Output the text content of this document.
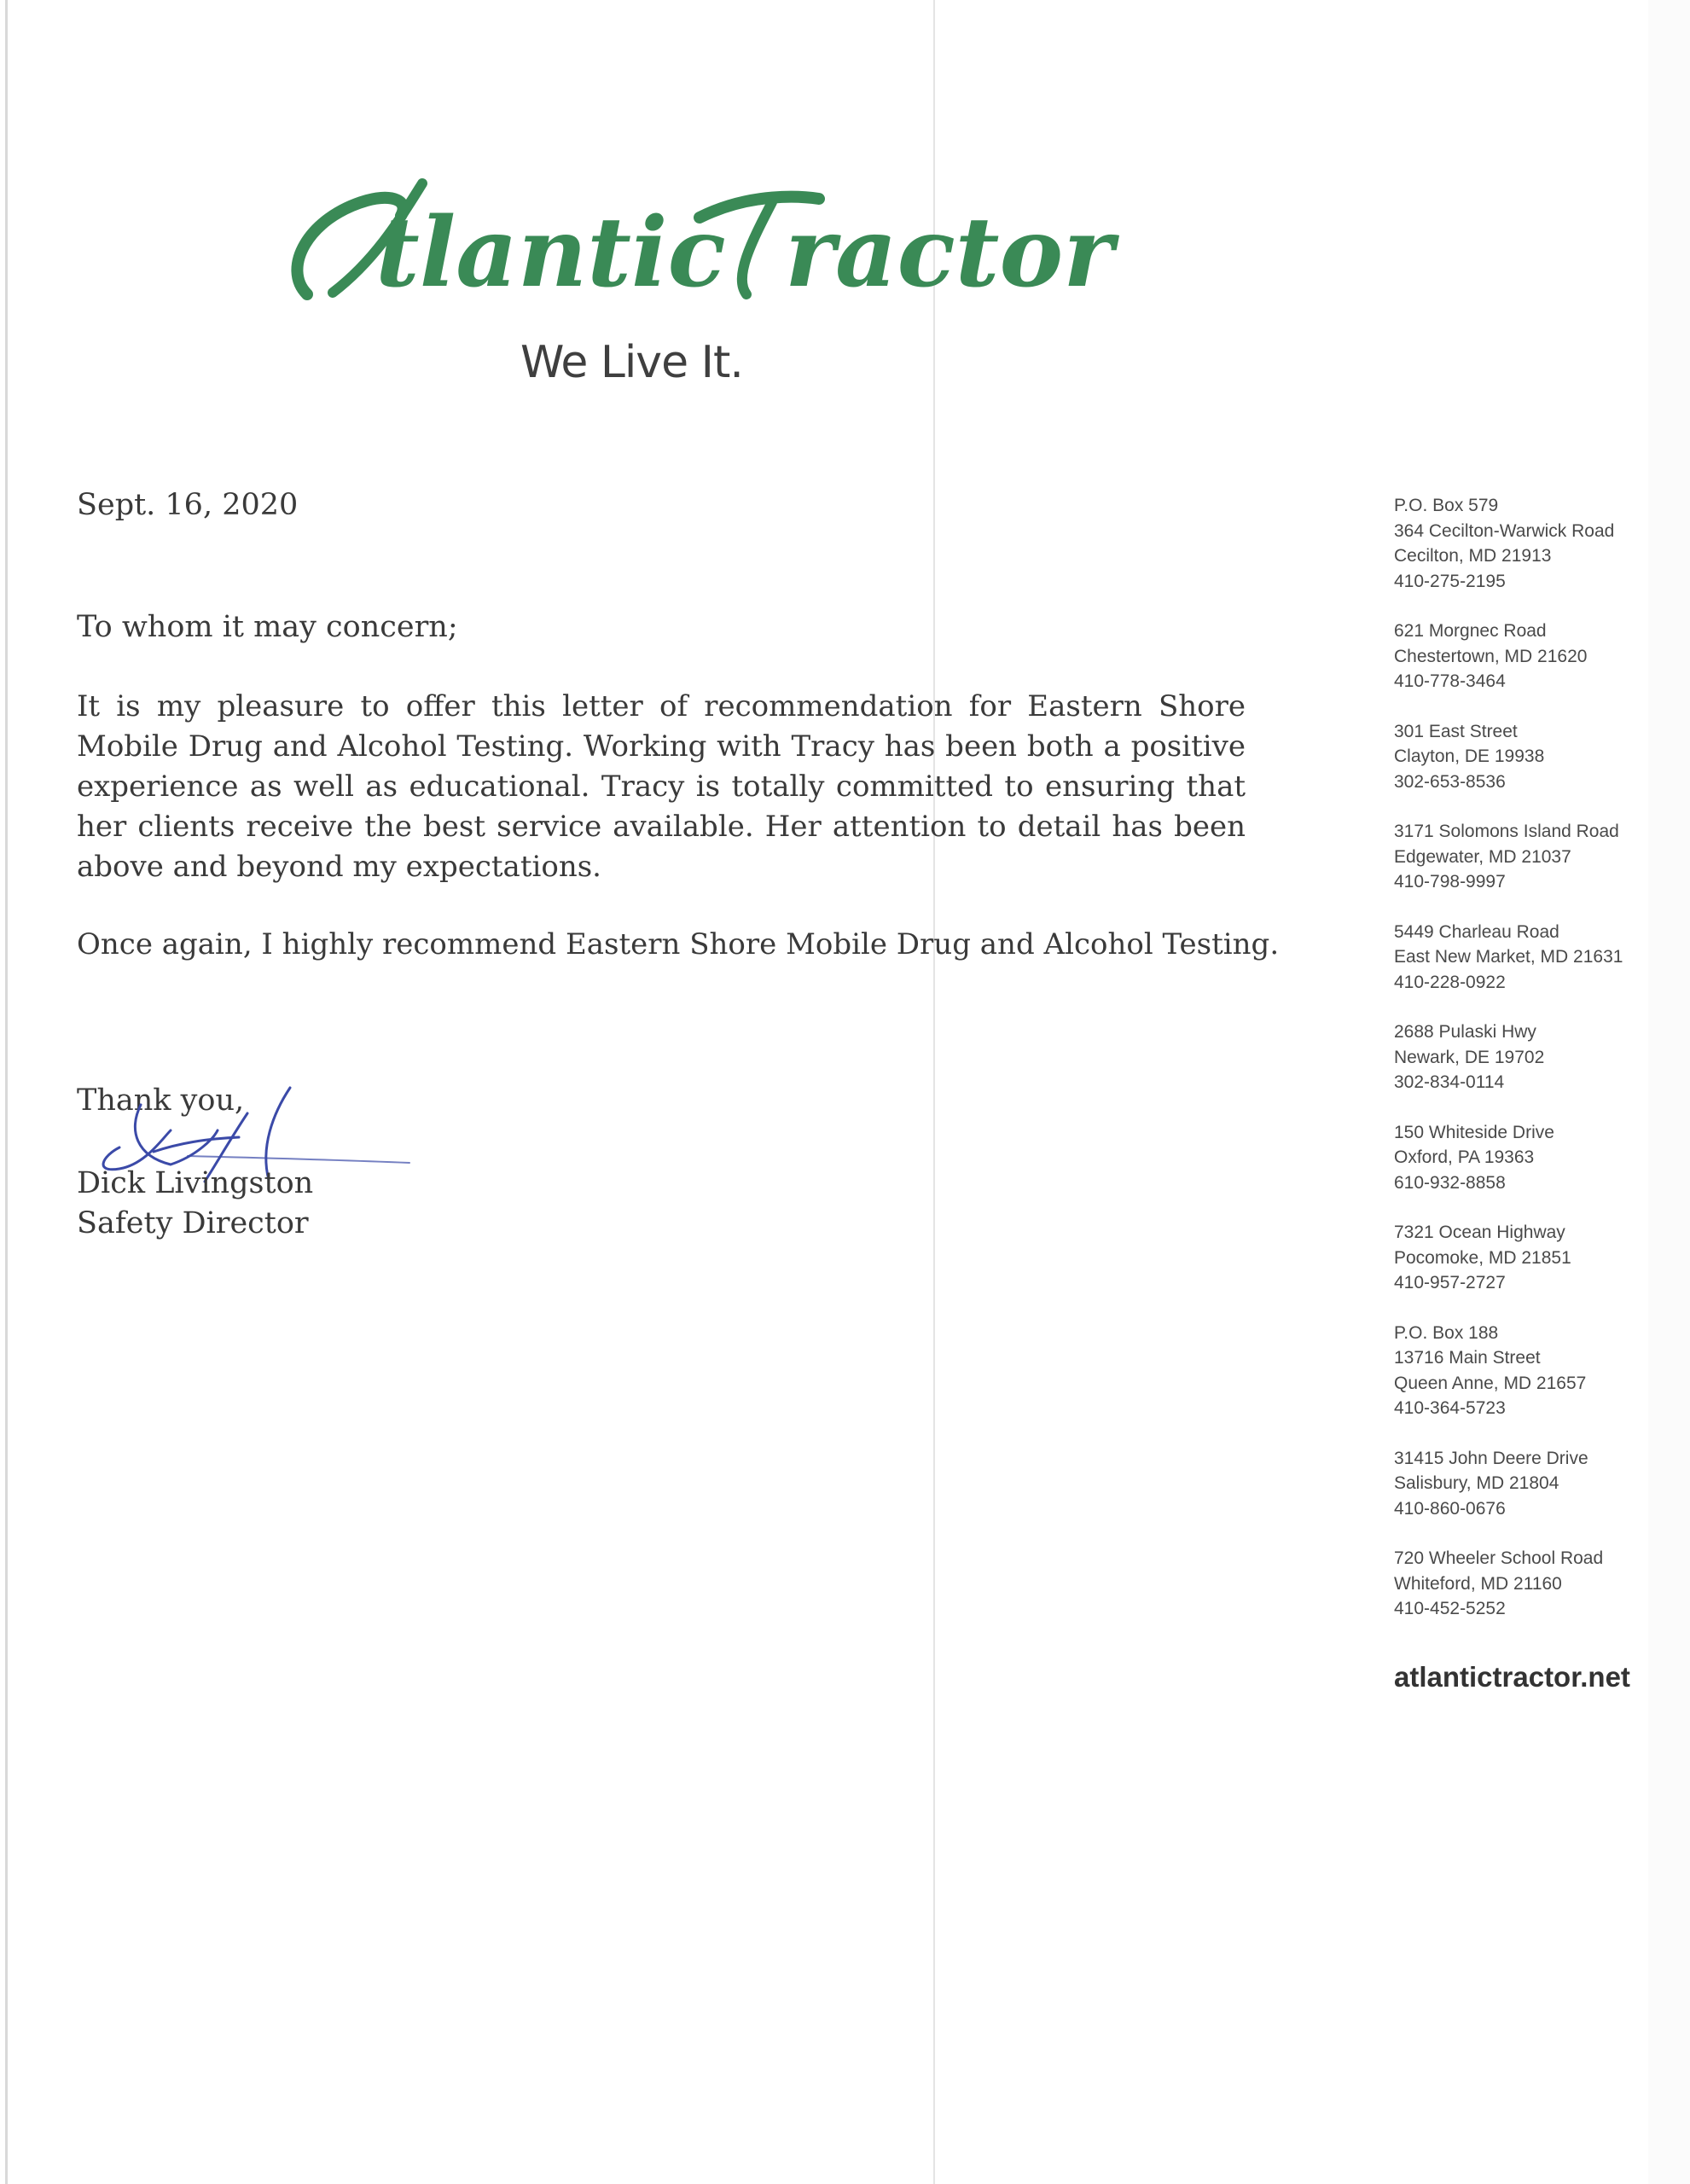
tlantic ractor
We Live It.
Sept. 16, 2020
To whom it may concern;
It is my pleasure to offer this letter of recommendation for Eastern Shore Mobile Drug and Alcohol Testing. Working with Tracy has been both a positive experience as well as educational. Tracy is totally committed to ensuring that her clients receive the best service available. Her attention to detail has been above and beyond my expectations.
Once again, I highly recommend Eastern Shore Mobile Drug and Alcohol Testing.
Thank you,
Dick Livingston
Safety Director
P.O. Box 579
364 Cecilton-Warwick Road
Cecilton, MD 21913
410-275-2195
621 Morgnec Road
Chestertown, MD 21620
410-778-3464
301 East Street
Clayton, DE 19938
302-653-8536
3171 Solomons Island Road
Edgewater, MD 21037
410-798-9997
5449 Charleau Road
East New Market, MD 21631
410-228-0922
2688 Pulaski Hwy
Newark, DE 19702
302-834-0114
150 Whiteside Drive
Oxford, PA 19363
610-932-8858
7321 Ocean Highway
Pocomoke, MD 21851
410-957-2727
P.O. Box 188
13716 Main Street
Queen Anne, MD 21657
410-364-5723
31415 John Deere Drive
Salisbury, MD 21804
410-860-0676
720 Wheeler School Road
Whiteford, MD 21160
410-452-5252
atlantictractor.net
